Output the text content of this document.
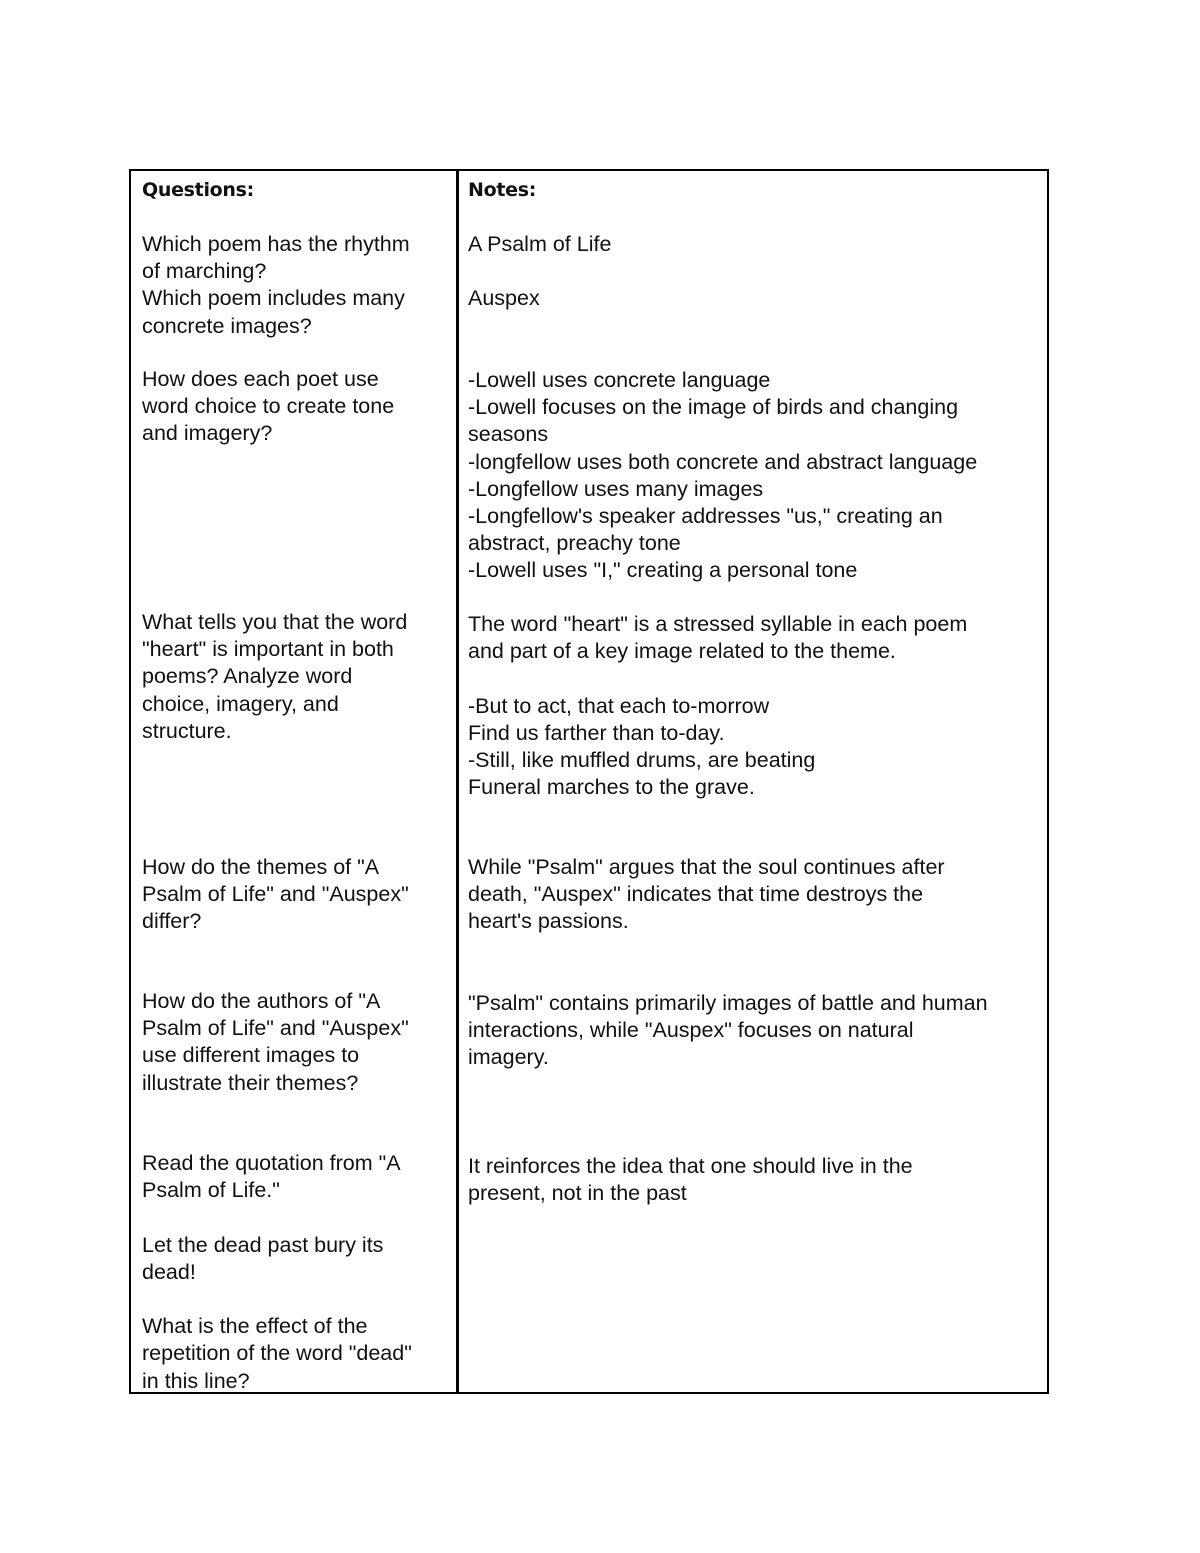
Questions:

Which poem has the rhythm
of marching?
Which poem includes many
concrete images?

How does each poet use
word choice to create tone
and imagery?

What tells you that the word
"heart" is important in both
poems? Analyze word
choice, imagery, and
structure.

How do the themes of "A
Psalm of Life" and "Auspex"
differ?

How do the authors of "A
Psalm of Life" and "Auspex"
use different images to
illustrate their themes?

Read the quotation from "A
Psalm of Life."

Let the dead past bury its
dead!

What is the effect of the
repetition of the word "dead"
in this line?

Notes:

A Psalm of Life

Auspex

-Lowell uses concrete language
-Lowell focuses on the image of birds and changing
seasons
-longfellow uses both concrete and abstract language
-Longfellow uses many images
-Longfellow's speaker addresses "us," creating an
abstract, preachy tone
-Lowell uses "I," creating a personal tone

The word "heart" is a stressed syllable in each poem
and part of a key image related to the theme.

-But to act, that each to-morrow
Find us farther than to-day.
-Still, like muffled drums, are beating
Funeral marches to the grave.

While "Psalm" argues that the soul continues after
death, "Auspex" indicates that time destroys the
heart's passions.

"Psalm" contains primarily images of battle and human
interactions, while "Auspex" focuses on natural
imagery.

It reinforces the idea that one should live in the
present, not in the past
